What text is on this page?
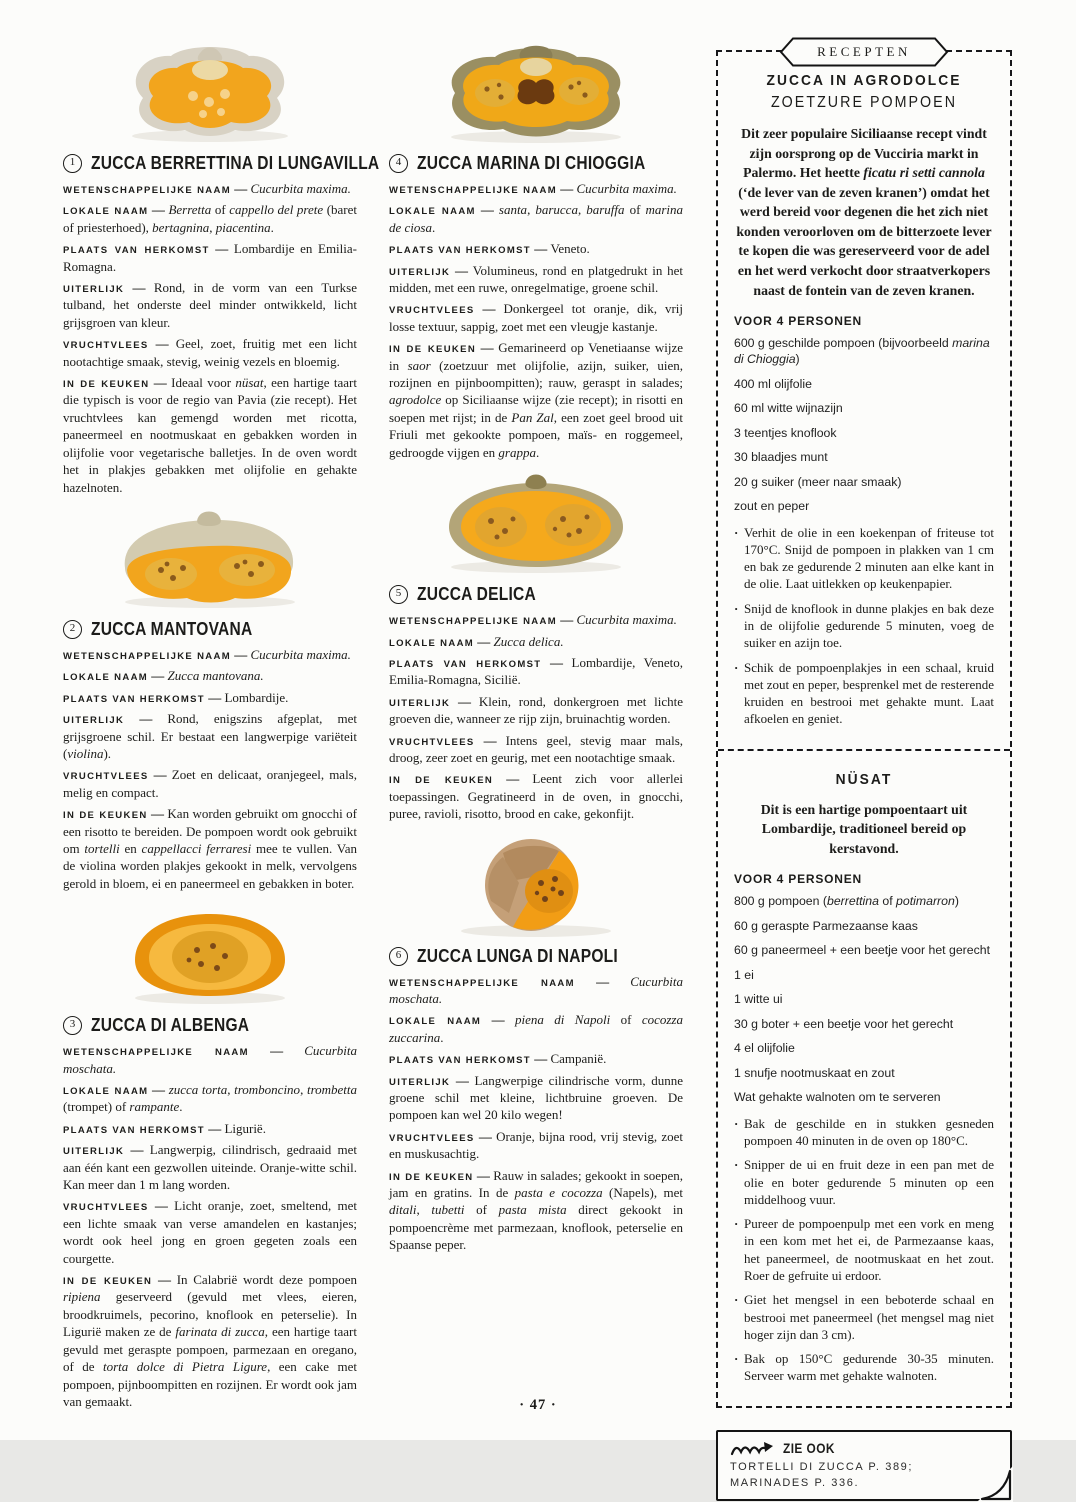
1 ZUCCA BERRETTINA DI LUNGAVILLA

WETENSCHAPPELIJKE NAAM — Cucurbita maxima.

LOKALE NAAM — Berretta of cappello del prete (baret of priesterhoed), bertagnina, piacentina.

PLAATS VAN HERKOMST — Lombardije en Emilia-Romagna.

UITERLIJK — Rond, in de vorm van een Turkse tulband, het onderste deel minder ontwikkeld, licht grijsgroen van kleur.

VRUCHTVLEES — Geel, zoet, fruitig met een licht nootachtige smaak, stevig, weinig vezels en bloemig.

IN DE KEUKEN — Ideaal voor nüsat, een hartige taart die typisch is voor de regio van Pavia (zie recept). Het vruchtvlees kan gemengd worden met ricotta, paneermeel en nootmuskaat en gebakken worden in olijfolie voor vegetarische balletjes. In de oven wordt het in plakjes gebakken met olijfolie en gehakte hazelnoten.

2 ZUCCA MANTOVANA

WETENSCHAPPELIJKE NAAM — Cucurbita maxima.

LOKALE NAAM — Zucca mantovana.

PLAATS VAN HERKOMST — Lombardije.

UITERLIJK — Rond, enigszins afgeplat, met grijsgroene schil. Er bestaat een langwerpige variëteit (violina).

VRUCHTVLEES — Zoet en delicaat, oranjegeel, mals, melig en compact.

IN DE KEUKEN — Kan worden gebruikt om gnocchi of een risotto te bereiden. De pompoen wordt ook gebruikt om tortelli en cappellacci ferraresi mee te vullen. Van de violina worden plakjes gekookt in melk, vervolgens gerold in bloem, ei en paneermeel en gebakken in boter.

3 ZUCCA DI ALBENGA

WETENSCHAPPELIJKE NAAM — Cucurbita moschata.

LOKALE NAAM — zucca torta, tromboncino, trombetta (trompet) of rampante.

PLAATS VAN HERKOMST — Ligurië.

UITERLIJK — Langwerpig, cilindrisch, gedraaid met aan één kant een gezwollen uiteinde. Oranje-witte schil. Kan meer dan 1 m lang worden.

VRUCHTVLEES — Licht oranje, zoet, smeltend, met een lichte smaak van verse amandelen en kastanjes; wordt ook heel jong en groen gegeten zoals een courgette.

IN DE KEUKEN — In Calabrië wordt deze pompoen ripiena geserveerd (gevuld met vlees, eieren, broodkruimels, pecorino, knoflook en peterselie). In Ligurië maken ze de farinata di zucca, een hartige taart gevuld met geraspte pompoen, parmezaan en oregano, of de torta dolce di Pietra Ligure, een cake met pompoen, pijnboompitten en rozijnen. Er wordt ook jam van gemaakt.

4 ZUCCA MARINA DI CHIOGGIA

WETENSCHAPPELIJKE NAAM — Cucurbita maxima.

LOKALE NAAM — santa, barucca, baruffa of marina de ciosa.

PLAATS VAN HERKOMST — Veneto.

UITERLIJK — Volumineus, rond en platgedrukt in het midden, met een ruwe, onregelmatige, groene schil.

VRUCHTVLEES — Donkergeel tot oranje, dik, vrij losse textuur, sappig, zoet met een vleugje kastanje.

IN DE KEUKEN — Gemarineerd op Venetiaanse wijze in saor (zoetzuur met olijfolie, azijn, suiker, uien, rozijnen en pijnboompitten); rauw, geraspt in salades; agrodolce op Siciliaanse wijze (zie recept); in risotti en soepen met rijst; in de Pan Zal, een zoet geel brood uit Friuli met gekookte pompoen, maïs- en roggemeel, gedroogde vijgen en grappa.

5 ZUCCA DELICA

WETENSCHAPPELIJKE NAAM — Cucurbita maxima.

LOKALE NAAM — Zucca delica.

PLAATS VAN HERKOMST — Lombardije, Veneto, Emilia-Romagna, Sicilië.

UITERLIJK — Klein, rond, donkergroen met lichte groeven die, wanneer ze rijp zijn, bruinachtig worden.

VRUCHTVLEES — Intens geel, stevig maar mals, droog, zeer zoet en geurig, met een nootachtige smaak.

IN DE KEUKEN — Leent zich voor allerlei toepassingen. Gegratineerd in de oven, in gnocchi, puree, ravioli, risotto, brood en cake, gekonfijt.

6 ZUCCA LUNGA DI NAPOLI

WETENSCHAPPELIJKE NAAM — Cucurbita moschata.

LOKALE NAAM — piena di Napoli of cocozza zuccarina.

PLAATS VAN HERKOMST — Campanië.

UITERLIJK — Langwerpige cilindrische vorm, dunne groene schil met kleine, lichtbruine groeven. De pompoen kan wel 20 kilo wegen!

VRUCHTVLEES — Oranje, bijna rood, vrij stevig, zoet en muskusachtig.

IN DE KEUKEN — Rauw in salades; gekookt in soepen, jam en gratins. In de pasta e cocozza (Napels), met ditali, tubetti of pasta mista direct gekookt in pompoencrème met parmezaan, knoflook, peterselie en Spaanse peper.

RECEPTEN
ZUCCA IN AGRODOLCE
ZOETZURE POMPOEN

Dit zeer populaire Siciliaanse recept vindt zijn oorsprong op de Vucciria markt in Palermo. Het heette ficatu ri setti cannola (‘de lever van de zeven kranen’) omdat het werd bereid voor degenen die het zich niet konden veroorloven om de bitterzoete lever te kopen die was gereserveerd voor de adel en het werd verkocht door straatverkopers naast de fontein van de zeven kranen.

VOOR 4 PERSONEN

600 g geschilde pompoen (bijvoorbeeld marina di Chioggia)

400 ml olijfolie

60 ml witte wijnazijn

3 teentjes knoflook

30 blaadjes munt

20 g suiker (meer naar smaak)

zout en peper

· Verhit de olie in een koekenpan of friteuse tot 170°C. Snijd de pompoen in plakken van 1 cm en bak ze gedurende 2 minuten aan elke kant in de olie. Laat uitlekken op keukenpapier.
· Snijd de knoflook in dunne plakjes en bak deze in de olijfolie gedurende 5 minuten, voeg de suiker en azijn toe.
· Schik de pompoenplakjes in een schaal, kruid met zout en peper, besprenkel met de resterende kruiden en bestrooi met gehakte munt. Laat afkoelen en geniet.
NÜSAT

Dit is een hartige pompoentaart uit Lombardije, traditioneel bereid op kerstavond.

VOOR 4 PERSONEN

800 g pompoen (berrettina of potimarron)

60 g geraspte Parmezaanse kaas

60 g paneermeel + een beetje voor het gerecht

1 ei

1 witte ui

30 g boter + een beetje voor het gerecht

4 el olijfolie

1 snufje nootmuskaat en zout

Wat gehakte walnoten om te serveren

· Bak de geschilde en in stukken gesneden pompoen 40 minuten in de oven op 180°C.
· Snipper de ui en fruit deze in een pan met de olie en boter gedurende 5 minuten op een middelhoog vuur.
· Pureer de pompoenpulp met een vork en meng in een kom met het ei, de Parmezaanse kaas, het paneermeel, de nootmuskaat en het zout. Roer de gefruite ui erdoor.
· Giet het mengsel in een beboterde schaal en bestrooi met paneermeel (het mengsel mag niet hoger zijn dan 3 cm).
· Bak op 150°C gedurende 30-35 minuten. Serveer warm met gehakte walnoten.
ZIE OOK
TORTELLI DI ZUCCA P. 389;
MARINADES P. 336.
· 47 ·
